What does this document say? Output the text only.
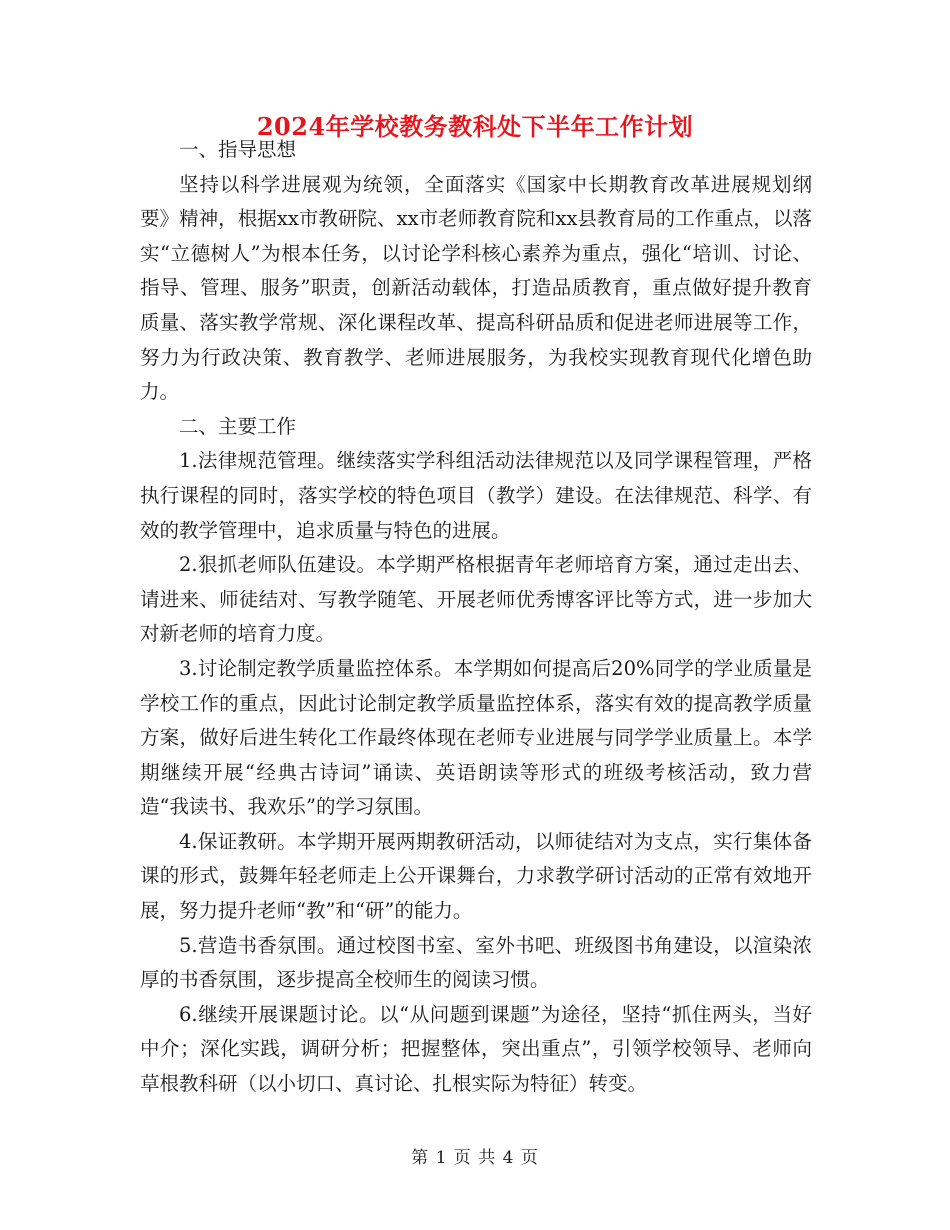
2024年学校教务教科处下半年工作计划

一、指导思想

坚持以科学进展观为统领，全面落实《国家中长期教育改革进展规划纲要》精神，根据xx市教研院、xx市老师教育院和xx县教育局的工作重点，以落实“立德树人”为根本任务，以讨论学科核心素养为重点，强化“培训、讨论、指导、管理、服务”职责，创新活动载体，打造品质教育，重点做好提升教育质量、落实教学常规、深化课程改革、提高科研品质和促进老师进展等工作，努力为行政决策、教育教学、老师进展服务，为我校实现教育现代化增色助力。

二、主要工作

1.法律规范管理。继续落实学科组活动法律规范以及同学课程管理，严格执行课程的同时，落实学校的特色项目（教学）建设。在法律规范、科学、有效的教学管理中，追求质量与特色的进展。

2.狠抓老师队伍建设。本学期严格根据青年老师培育方案，通过走出去、请进来、师徒结对、写教学随笔、开展老师优秀博客评比等方式，进一步加大对新老师的培育力度。

3.讨论制定教学质量监控体系。本学期如何提高后20%同学的学业质量是学校工作的重点，因此讨论制定教学质量监控体系，落实有效的提高教学质量方案，做好后进生转化工作最终体现在老师专业进展与同学学业质量上。本学期继续开展“经典古诗词”诵读、英语朗读等形式的班级考核活动，致力营造“我读书、我欢乐”的学习氛围。

4.保证教研。本学期开展两期教研活动，以师徒结对为支点，实行集体备课的形式，鼓舞年轻老师走上公开课舞台，力求教学研讨活动的正常有效地开展，努力提升老师“教”和“研”的能力。

5.营造书香氛围。通过校图书室、室外书吧、班级图书角建设，以渲染浓厚的书香氛围，逐步提高全校师生的阅读习惯。

6.继续开展课题讨论。以“从问题到课题”为途径，坚持“抓住两头，当好中介；深化实践，调研分析；把握整体，突出重点”，引领学校领导、老师向草根教科研（以小切口、真讨论、扎根实际为特征）转变。

第 1 页 共 4 页
